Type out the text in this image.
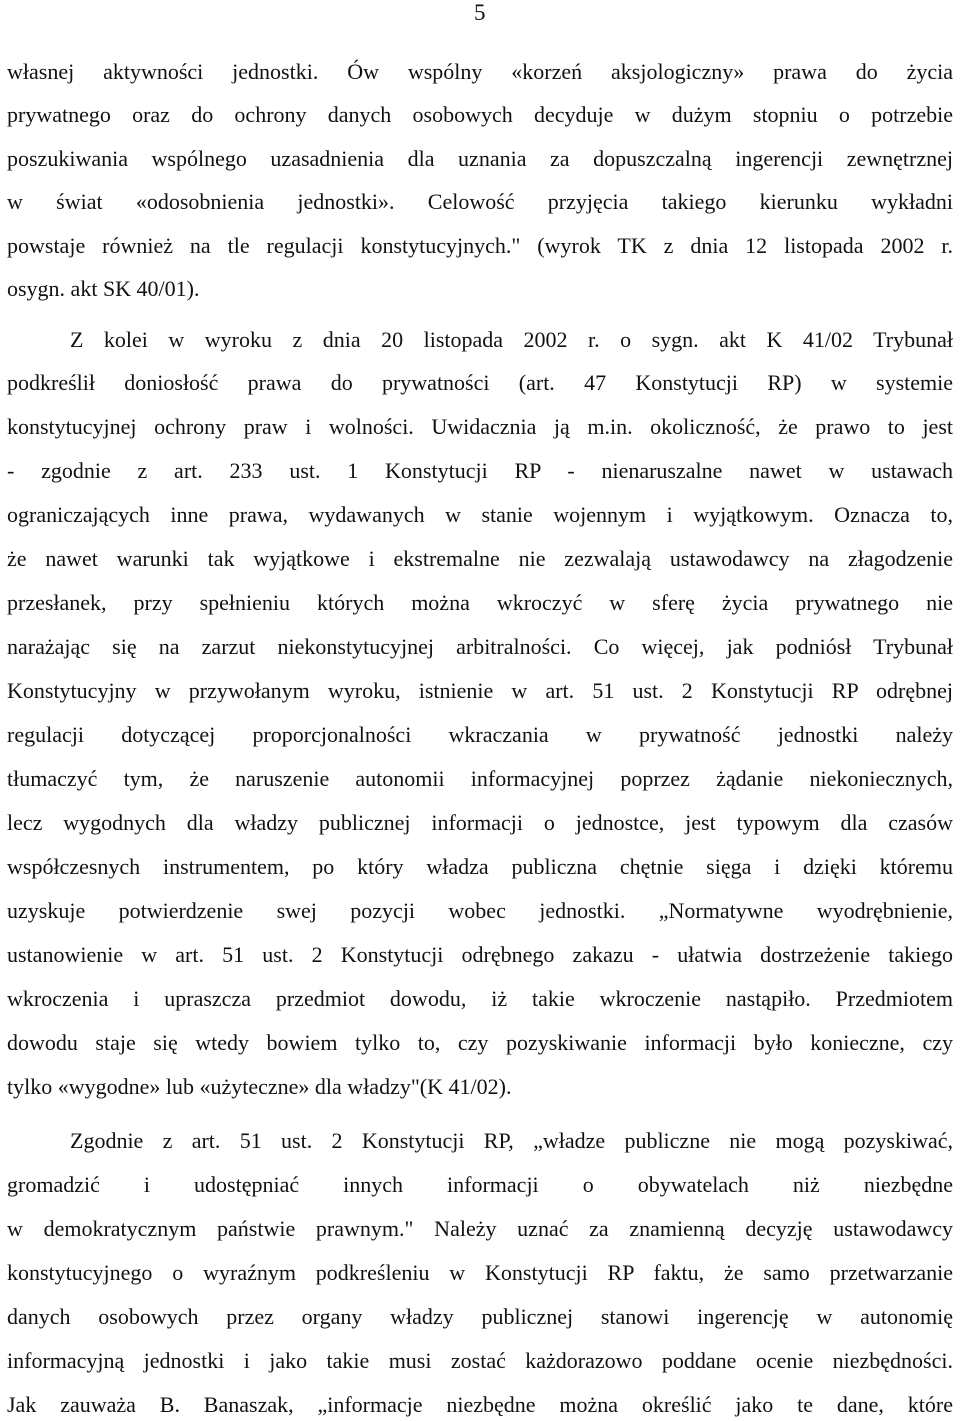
5
własnej aktywności jednostki. Ów wspólny «korzeń aksjologiczny» prawa do życia
prywatnego oraz do ochrony danych osobowych decyduje w dużym stopniu o potrzebie
poszukiwania wspólnego uzasadnienia dla uznania za dopuszczalną ingerencji zewnętrznej
w świat «odosobnienia jednostki». Celowość przyjęcia takiego kierunku wykładni
powstaje również na tle regulacji konstytucyjnych." (wyrok TK z dnia 12 listopada 2002 r.
osygn. akt SK 40/01).
Z kolei w wyroku z dnia 20 listopada 2002 r. o sygn. akt K 41/02 Trybunał
podkreślił doniosłość prawa do prywatności (art. 47 Konstytucji RP) w systemie
konstytucyjnej ochrony praw i wolności. Uwidacznia ją m.in. okoliczność, że prawo to jest
- zgodnie z art. 233 ust. 1 Konstytucji RP - nienaruszalne nawet w ustawach
ograniczających inne prawa, wydawanych w stanie wojennym i wyjątkowym. Oznacza to,
że nawet warunki tak wyjątkowe i ekstremalne nie zezwalają ustawodawcy na złagodzenie
przesłanek, przy spełnieniu których można wkroczyć w sferę życia prywatnego nie
narażając się na zarzut niekonstytucyjnej arbitralności. Co więcej, jak podniósł Trybunał
Konstytucyjny w przywołanym wyroku, istnienie w art. 51 ust. 2 Konstytucji RP odrębnej
regulacji dotyczącej proporcjonalności wkraczania w prywatność jednostki należy
tłumaczyć tym, że naruszenie autonomii informacyjnej poprzez żądanie niekoniecznych,
lecz wygodnych dla władzy publicznej informacji o jednostce, jest typowym dla czasów
współczesnych instrumentem, po który władza publiczna chętnie sięga i dzięki któremu
uzyskuje potwierdzenie swej pozycji wobec jednostki. „Normatywne wyodrębnienie,
ustanowienie w art. 51 ust. 2 Konstytucji odrębnego zakazu - ułatwia dostrzeżenie takiego
wkroczenia i upraszcza przedmiot dowodu, iż takie wkroczenie nastąpiło. Przedmiotem
dowodu staje się wtedy bowiem tylko to, czy pozyskiwanie informacji było konieczne, czy
tylko «wygodne» lub «użyteczne» dla władzy"(K 41/02).
Zgodnie z art. 51 ust. 2 Konstytucji RP, „władze publiczne nie mogą pozyskiwać,
gromadzić i udostępniać innych informacji o obywatelach niż niezbędne
w demokratycznym państwie prawnym." Należy uznać za znamienną decyzję ustawodawcy
konstytucyjnego o wyraźnym podkreśleniu w Konstytucji RP faktu, że samo przetwarzanie
danych osobowych przez organy władzy publicznej stanowi ingerencję w autonomię
informacyjną jednostki i jako takie musi zostać każdorazowo poddane ocenie niezbędności.
Jak zauważa B. Banaszak, „informacje niezbędne można określić jako te dane, które
